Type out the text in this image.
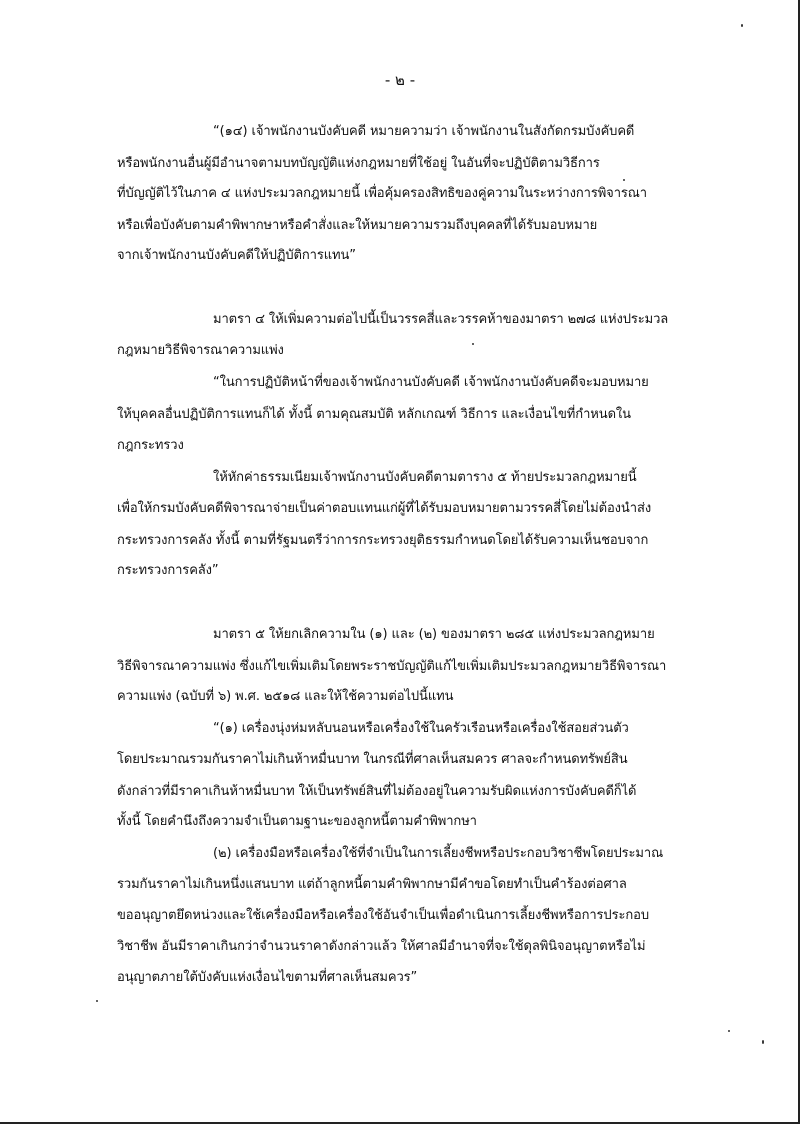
- ๒ -
“(๑๔) เจ้าพนักงานบังคับคดี หมายความว่า เจ้าพนักงานในสังกัดกรมบังคับคดี
หรือพนักงานอื่นผู้มีอำนาจตามบทบัญญัติแห่งกฎหมายที่ใช้อยู่ ในอันที่จะปฏิบัติตามวิธีการ
ที่บัญญัติไว้ในภาค ๔ แห่งประมวลกฎหมายนี้ เพื่อคุ้มครองสิทธิของคู่ความในระหว่างการพิจารณา
หรือเพื่อบังคับตามคำพิพากษาหรือคำสั่งและให้หมายความรวมถึงบุคคลที่ได้รับมอบหมาย
จากเจ้าพนักงานบังคับคดีให้ปฏิบัติการแทน”
มาตรา ๔ ให้เพิ่มความต่อไปนี้เป็นวรรคสี่และวรรคห้าของมาตรา ๒๗๘ แห่งประมวล
กฎหมายวิธีพิจารณาความแพ่ง
“ในการปฏิบัติหน้าที่ของเจ้าพนักงานบังคับคดี เจ้าพนักงานบังคับคดีจะมอบหมาย
ให้บุคคลอื่นปฏิบัติการแทนก็ได้ ทั้งนี้ ตามคุณสมบัติ หลักเกณฑ์ วิธีการ และเงื่อนไขที่กำหนดใน
กฎกระทรวง
ให้หักค่าธรรมเนียมเจ้าพนักงานบังคับคดีตามตาราง ๕ ท้ายประมวลกฎหมายนี้
เพื่อให้กรมบังคับคดีพิจารณาจ่ายเป็นค่าตอบแทนแก่ผู้ที่ได้รับมอบหมายตามวรรคสี่โดยไม่ต้องนำส่ง
กระทรวงการคลัง ทั้งนี้ ตามที่รัฐมนตรีว่าการกระทรวงยุติธรรมกำหนดโดยได้รับความเห็นชอบจาก
กระทรวงการคลัง”
มาตรา ๕ ให้ยกเลิกความใน (๑) และ (๒) ของมาตรา ๒๘๕ แห่งประมวลกฎหมาย
วิธีพิจารณาความแพ่ง ซึ่งแก้ไขเพิ่มเติมโดยพระราชบัญญัติแก้ไขเพิ่มเติมประมวลกฎหมายวิธีพิจารณา
ความแพ่ง (ฉบับที่ ๖) พ.ศ. ๒๕๑๘ และให้ใช้ความต่อไปนี้แทน
“(๑) เครื่องนุ่งห่มหลับนอนหรือเครื่องใช้ในครัวเรือนหรือเครื่องใช้สอยส่วนตัว
โดยประมาณรวมกันราคาไม่เกินห้าหมื่นบาท ในกรณีที่ศาลเห็นสมควร ศาลจะกำหนดทรัพย์สิน
ดังกล่าวที่มีราคาเกินห้าหมื่นบาท ให้เป็นทรัพย์สินที่ไม่ต้องอยู่ในความรับผิดแห่งการบังคับคดีก็ได้
ทั้งนี้ โดยคำนึงถึงความจำเป็นตามฐานะของลูกหนี้ตามคำพิพากษา
(๒) เครื่องมือหรือเครื่องใช้ที่จำเป็นในการเลี้ยงชีพหรือประกอบวิชาชีพโดยประมาณ
รวมกันราคาไม่เกินหนึ่งแสนบาท แต่ถ้าลูกหนี้ตามคำพิพากษามีคำขอโดยทำเป็นคำร้องต่อศาล
ขออนุญาตยึดหน่วงและใช้เครื่องมือหรือเครื่องใช้อันจำเป็นเพื่อดำเนินการเลี้ยงชีพหรือการประกอบ
วิชาชีพ อันมีราคาเกินกว่าจำนวนราคาดังกล่าวแล้ว ให้ศาลมีอำนาจที่จะใช้ดุลพินิจอนุญาตหรือไม่
อนุญาตภายใต้บังคับแห่งเงื่อนไขตามที่ศาลเห็นสมควร”
